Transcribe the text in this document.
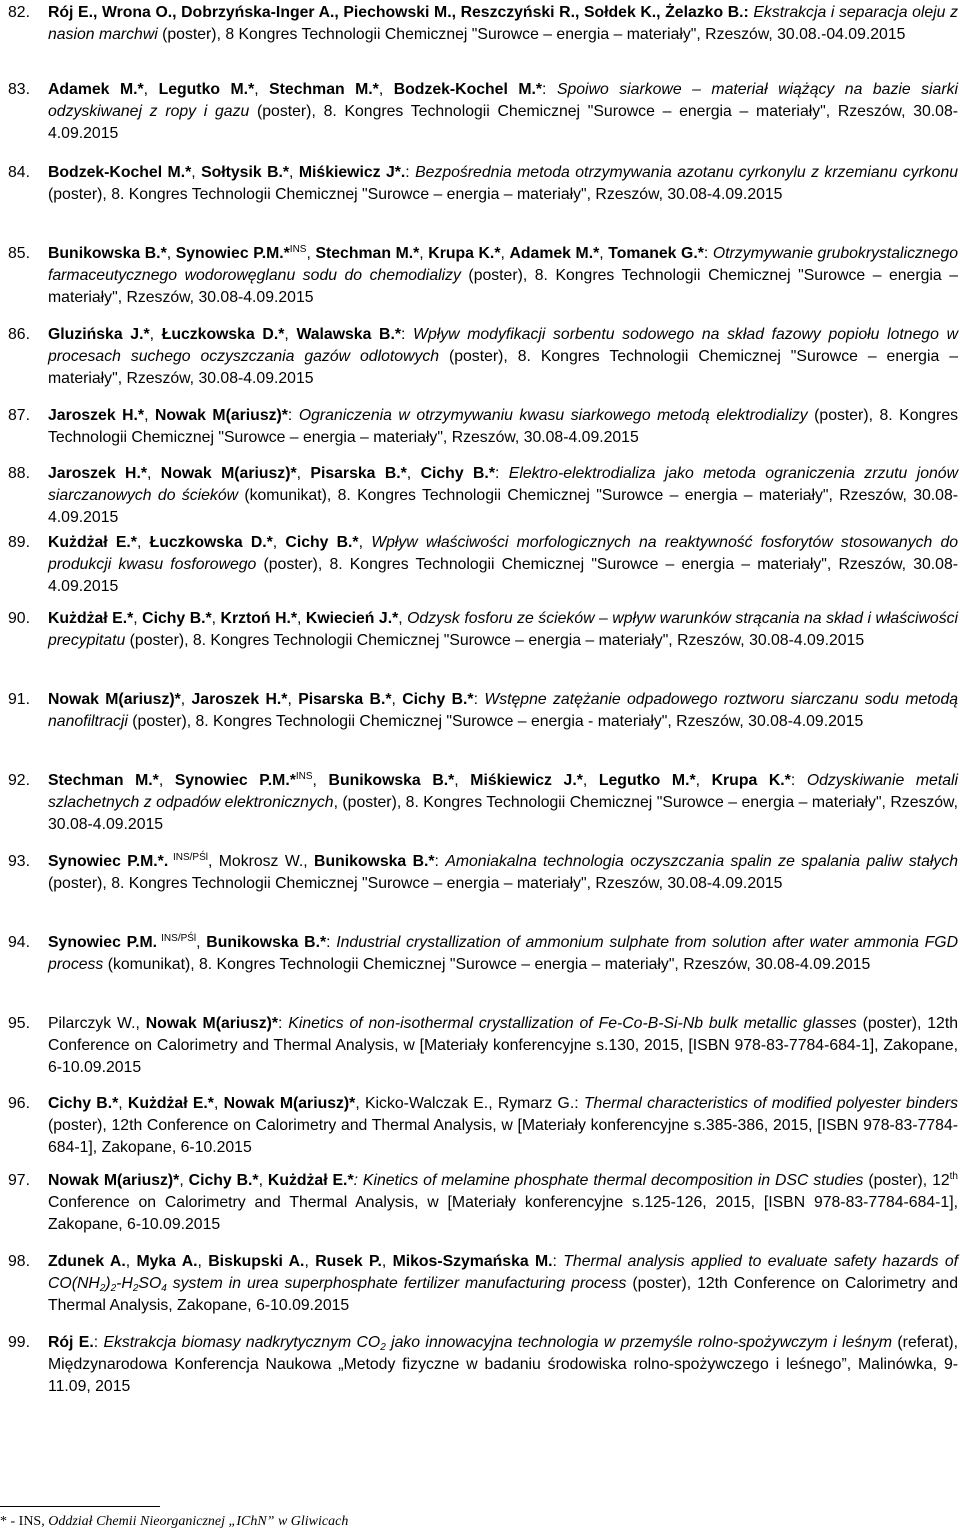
82. Rój E., Wrona O., Dobrzyńska-Inger A., Piechowski M., Reszczyński R., Sołdek K., Żelazko B.: Ekstrakcja i separacja oleju z nasion marchwi (poster), 8 Kongres Technologii Chemicznej "Surowce – energia – materiały", Rzeszów, 30.08.-04.09.2015
83. Adamek M.*, Legutko M.*, Stechman M.*, Bodzek-Kochel M.*: Spoiwo siarkowe – materiał wiążący na bazie siarki odzyskiwanej z ropy i gazu (poster), 8. Kongres Technologii Chemicznej "Surowce – energia – materiały", Rzeszów, 30.08-4.09.2015
84. Bodzek-Kochel M.*, Sołtysik B.*, Miśkiewicz J*.: Bezpośrednia metoda otrzymywania azotanu cyrkonylu z krzemianu cyrkonu (poster), 8. Kongres Technologii Chemicznej "Surowce – energia – materiały", Rzeszów, 30.08-4.09.2015
85. Bunikowska B.*, Synowiec P.M.*$^{INS}$, Stechman M.*, Krupa K.*, Adamek M.*, Tomanek G.*: Otrzymywanie grubokrystalicznego farmaceutycznego wodorowęglanu sodu do chemodializy (poster), 8. Kongres Technologii Chemicznej "Surowce – energia – materiały", Rzeszów, 30.08-4.09.2015
86. Gluzińska J.*, Łuczkowska D.*, Walawska B.*: Wpływ modyfikacji sorbentu sodowego na skład fazowy popiołu lotnego w procesach suchego oczyszczania gazów odlotowych (poster), 8. Kongres Technologii Chemicznej "Surowce – energia – materiały", Rzeszów, 30.08-4.09.2015
87. Jaroszek H.*, Nowak M(ariusz)*: Ograniczenia w otrzymywaniu kwasu siarkowego metodą elektrodializy (poster), 8. Kongres Technologii Chemicznej "Surowce – energia – materiały", Rzeszów, 30.08-4.09.2015
88. Jaroszek H.*, Nowak M(ariusz)*, Pisarska B.*, Cichy B.*: Elektro-elektrodializa jako metoda ograniczenia zrzutu jonów siarczanowych do ścieków (komunikat), 8. Kongres Technologii Chemicznej "Surowce – energia – materiały", Rzeszów, 30.08-4.09.2015
89. Kużdżał E.*, Łuczkowska D.*, Cichy B.*, Wpływ właściwości morfologicznych na reaktywność fosforytów stosowanych do produkcji kwasu fosforowego (poster), 8. Kongres Technologii Chemicznej "Surowce – energia – materiały", Rzeszów, 30.08-4.09.2015
90. Kużdżał E.*, Cichy B.*, Krztoń H.*, Kwiecień J.*, Odzysk fosforu ze ścieków – wpływ warunków strącania na skład i właściwości precypitatu (poster), 8. Kongres Technologii Chemicznej "Surowce – energia – materiały", Rzeszów, 30.08-4.09.2015
91. Nowak M(ariusz)*, Jaroszek H.*, Pisarska B.*, Cichy B.*: Wstępne zatężanie odpadowego roztworu siarczanu sodu metodą nanofiltracji (poster), 8. Kongres Technologii Chemicznej "Surowce – energia - materiały", Rzeszów, 30.08-4.09.2015
92. Stechman M.*, Synowiec P.M.*$^{INS}$, Bunikowska B.*, Miśkiewicz J.*, Legutko M.*, Krupa K.*: Odzyskiwanie metali szlachetnych z odpadów elektronicznych, (poster), 8. Kongres Technologii Chemicznej "Surowce – energia – materiały", Rzeszów, 30.08-4.09.2015
93. Synowiec P.M.*. $^{INS/PŚl}$, Mokrosz W., Bunikowska B.*: Amoniakalna technologia oczyszczania spalin ze spalania paliw stałych (poster), 8. Kongres Technologii Chemicznej "Surowce – energia – materiały", Rzeszów, 30.08-4.09.2015
94. Synowiec P.M. $^{INS/PŚl}$, Bunikowska B.*: Industrial crystallization of ammonium sulphate from solution after water ammonia FGD process (komunikat), 8. Kongres Technologii Chemicznej "Surowce – energia – materiały", Rzeszów, 30.08-4.09.2015
95. Pilarczyk W., Nowak M(ariusz)*: Kinetics of non-isothermal crystallization of Fe-Co-B-Si-Nb bulk metallic glasses (poster), 12th Conference on Calorimetry and Thermal Analysis, w [Materiały konferencyjne s.130, 2015, [ISBN 978-83-7784-684-1], Zakopane, 6-10.09.2015
96. Cichy B.*, Kużdżał E.*, Nowak M(ariusz)*, Kicko-Walczak E., Rymarz G.: Thermal characteristics of modified polyester binders (poster), 12th Conference on Calorimetry and Thermal Analysis, w [Materiały konferencyjne s.385-386, 2015, [ISBN 978-83-7784-684-1], Zakopane, 6-10.2015
97. Nowak M(ariusz)*, Cichy B.*, Kużdżał E.*: Kinetics of melamine phosphate thermal decomposition in DSC studies (poster), 12th Conference on Calorimetry and Thermal Analysis, w [Materiały konferencyjne s.125-126, 2015, [ISBN 978-83-7784-684-1], Zakopane, 6-10.09.2015
98. Zdunek A., Myka A., Biskupski A., Rusek P., Mikos-Szymańska M.: Thermal analysis applied to evaluate safety hazards of $CO(NH_2)_2-H_2SO_4$ system in urea superphosphate fertilizer manufacturing process (poster), 12th Conference on Calorimetry and Thermal Analysis, Zakopane, 6-10.09.2015
99. Rój E.: Ekstrakcja biomasy nadkrytycznym $CO_2$ jako innowacyjna technologia w przemyśle rolno-spożywczym i leśnym (referat), Międzynarodowa Konferencja Naukowa „Metody fizyczne w badaniu środowiska rolno-spożywczego i leśnego”, Malinówka, 9-11.09, 2015
* - INS, Oddział Chemii Nieorganicznej „IChN” w Gliwicach
